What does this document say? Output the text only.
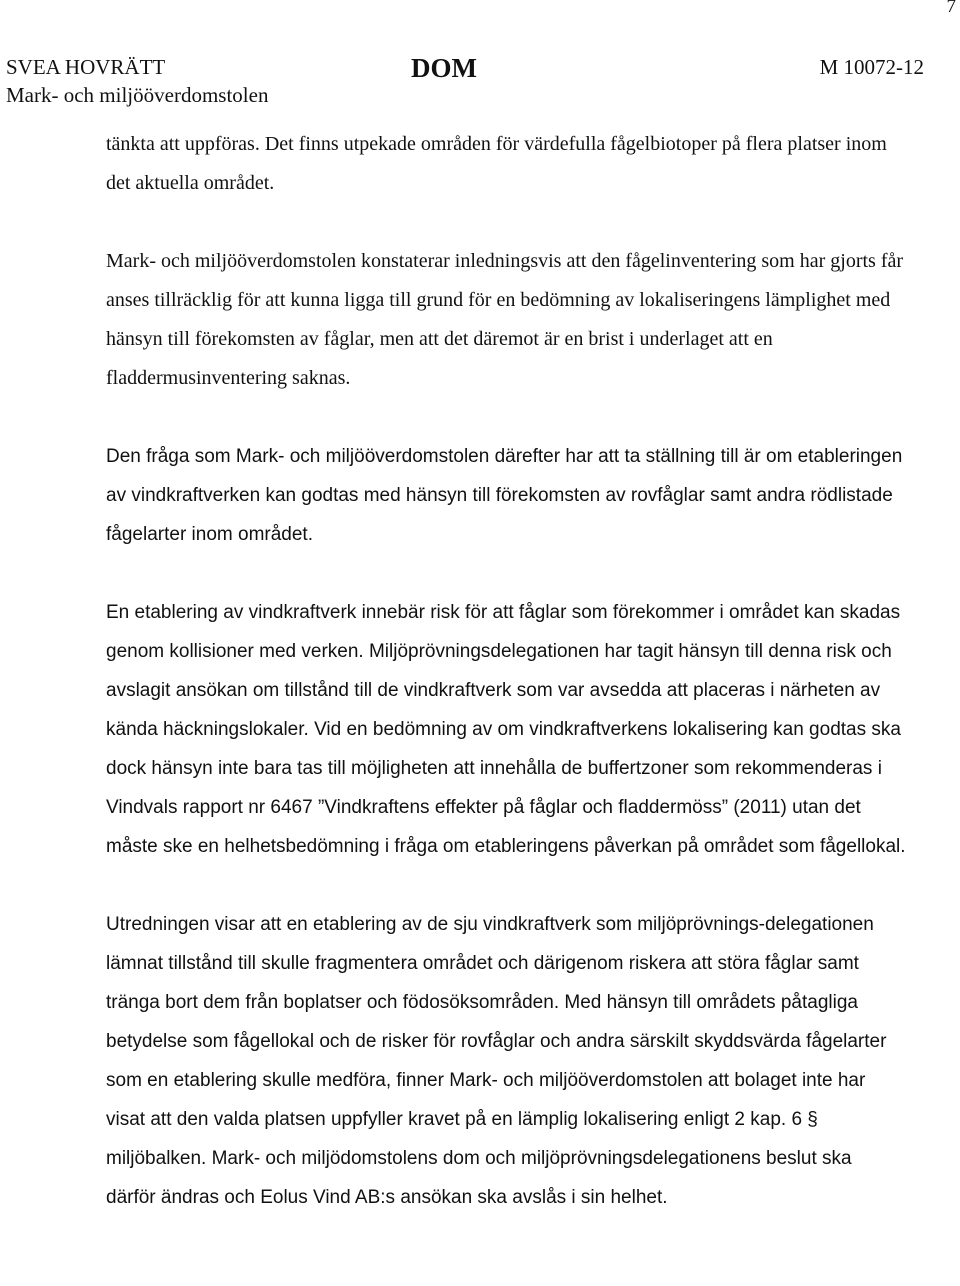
7
SVEA HOVRÄTT
Mark- och miljööverdomstolen
DOM	M 10072-12

tänkta att uppföras. Det finns utpekade områden för värdefulla fågelbiotoper på flera platser inom det aktuella området.

Mark- och miljööverdomstolen konstaterar inledningsvis att den fågelinventering som har gjorts får anses tillräcklig för att kunna ligga till grund för en bedömning av lokaliseringens lämplighet med hänsyn till förekomsten av fåglar, men att det däremot är en brist i underlaget att en fladdermusinventering saknas.

Den fråga som Mark- och miljööverdomstolen därefter har att ta ställning till är om etableringen av vindkraftverken kan godtas med hänsyn till förekomsten av rovfåglar samt andra rödlistade fågelarter inom området.

En etablering av vindkraftverk innebär risk för att fåglar som förekommer i området kan skadas genom kollisioner med verken. Miljöprövningsdelegationen har tagit hänsyn till denna risk och avslagit ansökan om tillstånd till de vindkraftverk som var avsedda att placeras i närheten av kända häckningslokaler. Vid en bedömning av om vindkraftverkens lokalisering kan godtas ska dock hänsyn inte bara tas till möjligheten att innehålla de buffertzoner som rekommenderas i Vindvals rapport nr 6467 ”Vindkraftens effekter på fåglar och fladdermöss” (2011) utan det måste ske en helhetsbedömning i fråga om etableringens påverkan på området som fågellokal.

Utredningen visar att en etablering av de sju vindkraftverk som miljöprövnings-delegationen lämnat tillstånd till skulle fragmentera området och därigenom riskera att störa fåglar samt tränga bort dem från boplatser och födosöksområden. Med hänsyn till områdets påtagliga betydelse som fågellokal och de risker för rovfåglar och andra särskilt skyddsvärda fågelarter som en etablering skulle medföra, finner Mark- och miljööverdomstolen att bolaget inte har visat att den valda platsen uppfyller kravet på en lämplig lokalisering enligt 2 kap. 6 § miljöbalken. Mark- och miljödomstolens dom och miljöprövningsdelegationens beslut ska därför ändras och Eolus Vind AB:s ansökan ska avslås i sin helhet.
